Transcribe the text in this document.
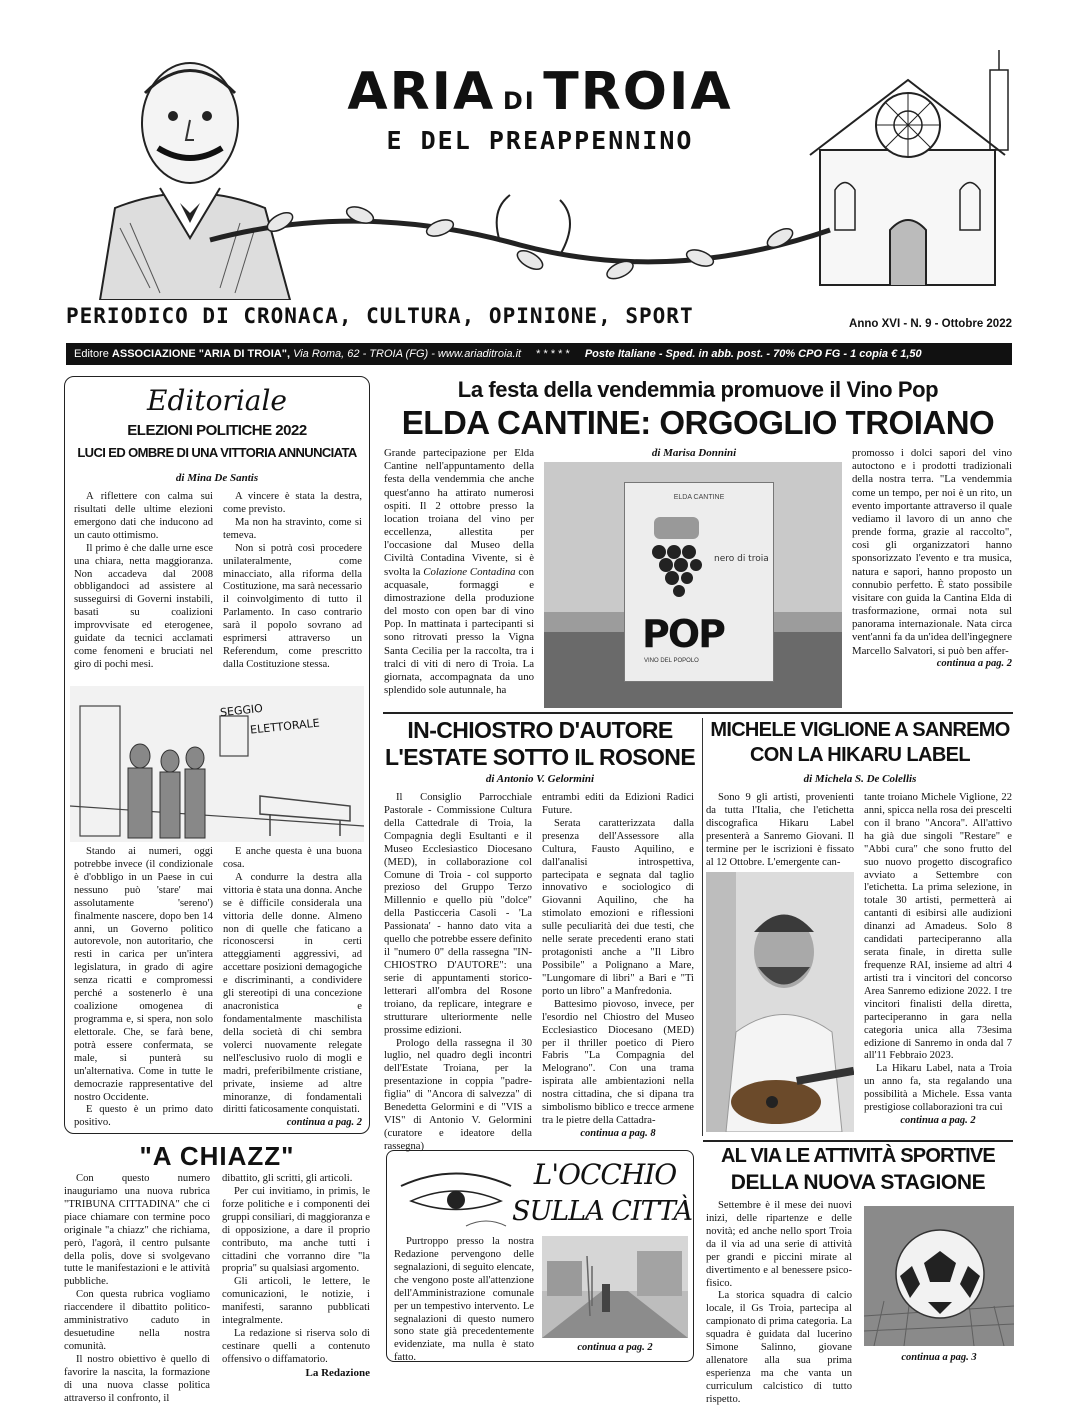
ARIA DI TROIA
E DEL PREAPPENNINO
PERIODICO DI CRONACA, CULTURA, OPINIONE, SPORT	Anno XVI - N. 9 - Ottobre 2022
Editore ASSOCIAZIONE "ARIA DI TROIA", Via Roma, 62 - TROIA (FG) - www.ariaditroia.it * * * * * Poste Italiane - Sped. in abb. post. - 70% CPO FG - 1 copia € 1,50
Editoriale
ELEZIONI POLITICHE 2022
LUCI ED OMBRE DI UNA VITTORIA ANNUNCIATA
di Mina De Santis

A riflettere con calma sui risultati delle ultime elezioni emergono dati che inducono ad un cauto ottimismo.

Il primo è che dalle urne esce una chiara, netta maggioranza. Non accadeva dal 2008 obbligandoci ad assistere al susseguirsi di Governi instabili, basati su coalizioni improvvisate ed eterogenee, guidate da tecnici acclamati come fenomeni e bruciati nel giro di pochi mesi.

A vincere è stata la destra, come previsto.

Ma non ha stravinto, come si temeva.

Non si potrà così procedere unilateralmente, come minacciato, alla riforma della Costituzione, ma sarà necessario il coinvolgimento di tutto il Parlamento. In caso contrario sarà il popolo sovrano ad esprimersi attraverso un Referendum, come prescritto dalla Costituzione stessa.

SEGGIO
ELETTORALE

Stando ai numeri, oggi potrebbe invece (il condizionale è d'obbligo in un Paese in cui nessuno può 'stare' mai assolutamente 'sereno') finalmente nascere, dopo ben 14 anni, un Governo politico autorevole, non autoritario, che resti in carica per un'intera legislatura, in grado di agire senza ricatti e compromessi perché a sostenerlo è una coalizione omogenea di programma e, si spera, non solo elettorale. Che, se farà bene, potrà essere confermata, se male, si punterà su un'alternativa. Come in tutte le democrazie rappresentative del nostro Occidente.

E questo è un primo dato positivo.

E anche questa è una buona cosa.

A condurre la destra alla vittoria è stata una donna. Anche se è difficile considerala una vittoria delle donne. Almeno non di quelle che faticano a riconoscersi in certi atteggiamenti aggressivi, ad accettare posizioni demagogiche e discriminanti, a condividere gli stereotipi di una concezione anacronistica e fondamentalmente maschilista della società di chi sembra volerci nuovamente relegate nell'esclusivo ruolo di mogli e madri, preferibilmente cristiane, private, insieme ad altre minoranze, di fondamentali diritti faticosamente conquistati.

continua a pag. 2
La festa della vendemmia promuove il Vino Pop
ELDA CANTINE: ORGOGLIO TROIANO

Grande partecipazione per Elda Cantine nell'appuntamento della festa della vendemmia che anche quest'anno ha attirato numerosi ospiti. Il 2 ottobre presso la location troiana del vino per eccellenza, allestita per l'occasione dal Museo della Civiltà Contadina Vivente, si è svolta la Colazione Contadina con acquasale, formaggi e dimostrazione della produzione del mosto con open bar di vino Pop. In mattinata i partecipanti si sono ritrovati presso la Vigna Santa Cecilia per la raccolta, tra i tralci di viti di nero di Troia. La giornata, accompagnata da uno splendido sole autunnale, ha

di Marisa Donnini
ELDA CANTINE
nero di troia
POP
VINO DEL POPOLO

promosso i dolci sapori del vino autoctono e i prodotti tradizionali della nostra terra. "La vendemmia come un tempo, per noi è un rito, un evento importante attraverso il quale vediamo il lavoro di un anno che prende forma, grazie al raccolto", così gli organizzatori hanno sponsorizzato l'evento e tra musica, natura e sapori, hanno proposto un connubio perfetto. È stato possibile visitare con guida la Cantina Elda di trasformazione, ormai nota sul panorama internazionale. Nata circa vent'anni fa da un'idea dell'ingegnere Marcello Salvatori, si può ben affer-

continua a pag. 2
IN-CHIOSTRO D'AUTORE
L'ESTATE SOTTO IL ROSONE
di Antonio V. Gelormini

Il Consiglio Parrocchiale Pastorale - Commissione Cultura della Cattedrale di Troia, la Compagnia degli Esultanti e il Museo Ecclesiastico Diocesano (MED), in collaborazione col Comune di Troia - col supporto prezioso del Gruppo Terzo Millennio e quello più "dolce" della Pasticceria Casoli - 'La Passionata' - hanno dato vita a quello che potrebbe essere definito il "numero 0" della rassegna "IN-CHIOSTRO D'AUTORE": una serie di appuntamenti storico-letterari all'ombra del Rosone troiano, da replicare, integrare e strutturare ulteriormente nelle prossime edizioni.

Prologo della rassegna il 30 luglio, nel quadro degli incontri dell'Estate Troiana, per la presentazione in coppia "padre-figlia" di "Ancora di salvezza" di Benedetta Gelormini e di "VIS a VIS" di Antonio V. Gelormini (curatore e ideatore della rassegna)

entrambi editi da Edizioni Radici Future.

Serata caratterizzata dalla presenza dell'Assessore alla Cultura, Fausto Aquilino, e dall'analisi introspettiva, partecipata e segnata dal taglio innovativo e sociologico di Giovanni Aquilino, che ha stimolato emozioni e riflessioni sulle peculiarità dei due testi, che nelle serate precedenti erano stati protagonisti anche a "Il Libro Possibile" a Polignano a Mare, "Lungomare di libri" a Bari e "Ti porto un libro" a Manfredonia.

Battesimo piovoso, invece, per l'esordio nel Chiostro del Museo Ecclesiastico Diocesano (MED) per il thriller poetico di Piero Fabris "La Compagnia del Melograno". Con una trama ispirata alle ambientazioni nella nostra cittadina, che si dipana tra simbolismo biblico e trecce armene tra le pietre della Cattadra-

continua a pag. 8
MICHELE VIGLIONE A SANREMO
CON LA HIKARU LABEL
di Michela S. De Colellis

Sono 9 gli artisti, provenienti da tutta l'Italia, che l'etichetta discografica Hikaru Label presenterà a Sanremo Giovani. Il termine per le iscrizioni è fissato al 12 Ottobre. L'emergente can-

tante troiano Michele Viglione, 22 anni, spicca nella rosa dei prescelti con il brano "Ancora". All'attivo ha già due singoli "Restare" e "Abbi cura" che sono frutto del suo nuovo progetto discografico avviato a Settembre con l'etichetta. La prima selezione, in totale 30 artisti, permetterà ai cantanti di esibirsi alle audizioni dinanzi ad Amadeus. Solo 8 candidati parteciperanno alla serata finale, in diretta sulle frequenze RAI, insieme ad altri 4 artisti tra i vincitori del concorso Area Sanremo edizione 2022. I tre vincitori finalisti della diretta, parteciperanno in gara nella categoria unica alla 73esima edizione di Sanremo in onda dal 7 all'11 Febbraio 2023.

La Hikaru Label, nata a Troia un anno fa, sta regalando una possibilità a Michele. Essa vanta prestigiose collaborazioni tra cui

continua a pag. 2
"A CHIAZZ"

Con questo numero inauguriamo una nuova rubrica "TRIBUNA CITTADINA" che ci piace chiamare con termine poco originale "a chiazz" che richiama, però, l'agorà, il centro pulsante della polis, dove si svolgevano tutte le manifestazioni e le attività pubbliche.

Con questa rubrica vogliamo riaccendere il dibattito politico-amministrativo caduto in desuetudine nella nostra comunità.

Il nostro obiettivo è quello di favorire la nascita, la formazione di una nuova classe politica attraverso il confronto, il

dibattito, gli scritti, gli articoli.

Per cui invitiamo, in primis, le forze politiche e i componenti dei gruppi consiliari, di maggioranza e di opposizione, a dare il proprio contributo, ma anche tutti i cittadini che vorranno dire "la propria" su qualsiasi argomento.

Gli articoli, le lettere, le comunicazioni, le notizie, i manifesti, saranno pubblicati integralmente.

La redazione si riserva solo di cestinare quelli a contenuto offensivo o diffamatorio.

La Redazione
L'OCCHIO
SULLA CITTÀ

Purtroppo presso la nostra Redazione pervengono delle segnalazioni, di seguito elencate, che vengono poste all'attenzione dell'Amministrazione comunale per un tempestivo intervento. Le segnalazioni di questo numero sono state già precedentemente evidenziate, ma nulla è stato fatto.

continua a pag. 2
AL VIA LE ATTIVITÀ SPORTIVE
DELLA NUOVA STAGIONE

Settembre è il mese dei nuovi inizi, delle ripartenze e delle novità; ed anche nello sport Troia da il via ad una serie di attività per grandi e piccini mirate al divertimento e al benessere psico-fisico.

La storica squadra di calcio locale, il Gs Troia, partecipa al campionato di prima categoria. La squadra è guidata dal lucerino Simone Salinno, giovane allenatore alla sua prima esperienza ma che vanta un curriculum calcistico di tutto rispetto.

continua a pag. 3
